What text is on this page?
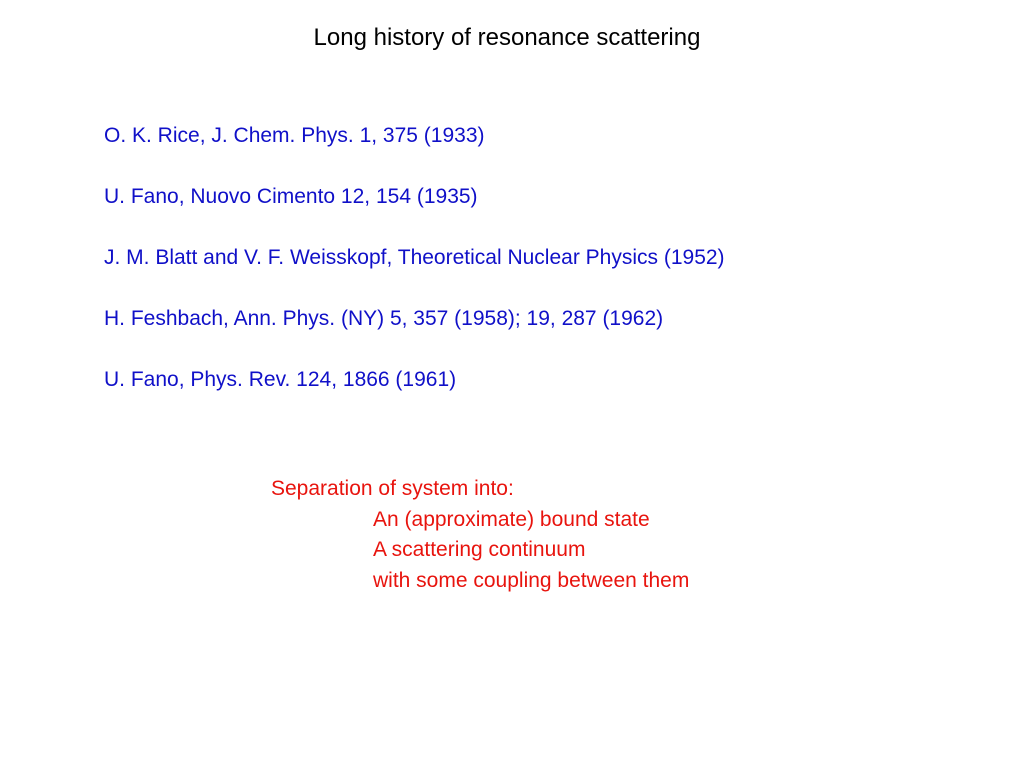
Long history of resonance scattering
O. K. Rice, J. Chem. Phys. 1, 375 (1933)
U. Fano, Nuovo Cimento 12, 154 (1935)
J. M. Blatt and V. F. Weisskopf, Theoretical Nuclear Physics (1952)
H. Feshbach, Ann. Phys. (NY) 5, 357 (1958); 19, 287 (1962)
U. Fano, Phys. Rev. 124, 1866 (1961)
Separation of system into:
An (approximate) bound state
A scattering continuum
with some coupling between them
